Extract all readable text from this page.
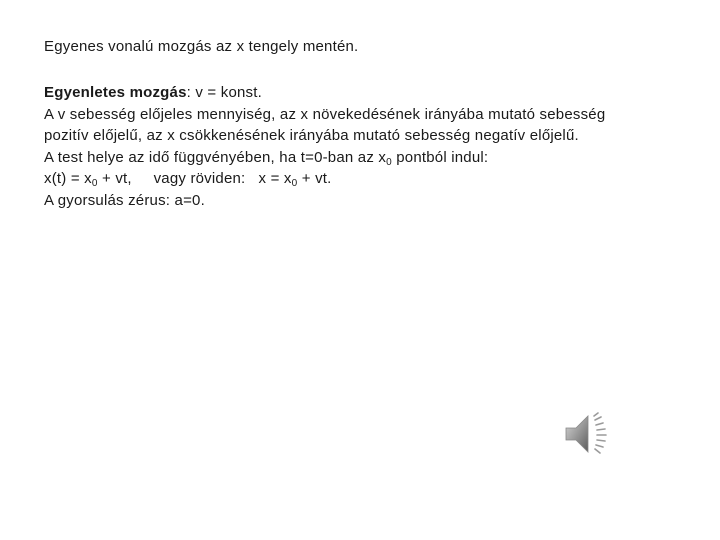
Egyenes vonalú mozgás az x tengely mentén.
Egyenletes mozgás: v = konst.
A v sebesség előjeles mennyiség, az x növekedésének irányába mutató sebesség
pozitív előjelű, az x csökkenésének irányába mutató sebesség negatív előjelű.
A test helye az idő függvényében, ha t=0-ban az $x_0$ pontból indul:
$x(t) = x_0$ + vt,     vagy röviden:   $x = x_0$ + vt.
A gyorsulás zérus: a=0.
